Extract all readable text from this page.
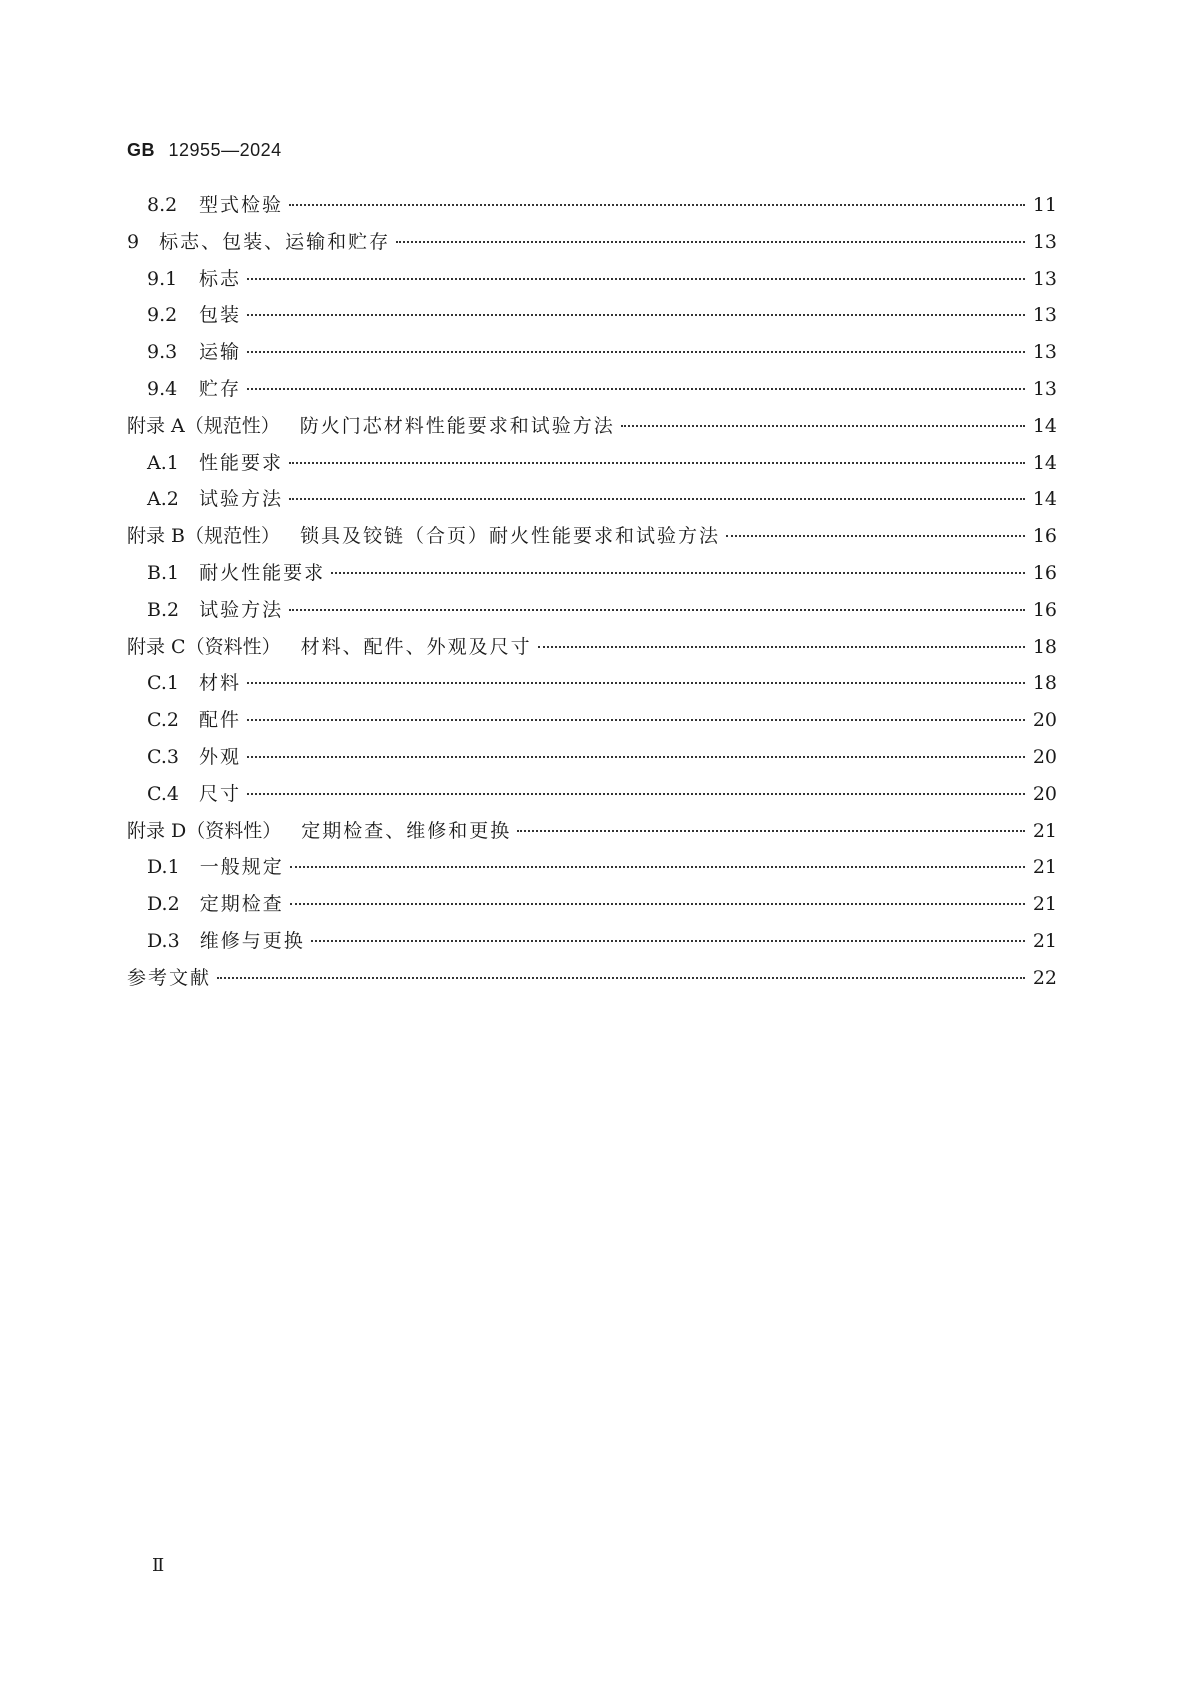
GB 12955—2024
8.2 型式检验	11
9 标志、包装、运输和贮存	13
9.1 标志	13
9.2 包装	13
9.3 运输	13
9.4 贮存	13
附录 A（规范性） 防火门芯材料性能要求和试验方法	14
A.1 性能要求	14
A.2 试验方法	14
附录 B（规范性） 锁具及铰链（合页）耐火性能要求和试验方法	16
B.1 耐火性能要求	16
B.2 试验方法	16
附录 C（资料性） 材料、配件、外观及尺寸	18
C.1 材料	18
C.2 配件	20
C.3 外观	20
C.4 尺寸	20
附录 D（资料性） 定期检查、维修和更换	21
D.1 一般规定	21
D.2 定期检查	21
D.3 维修与更换	21
参考文献	22
Ⅱ
